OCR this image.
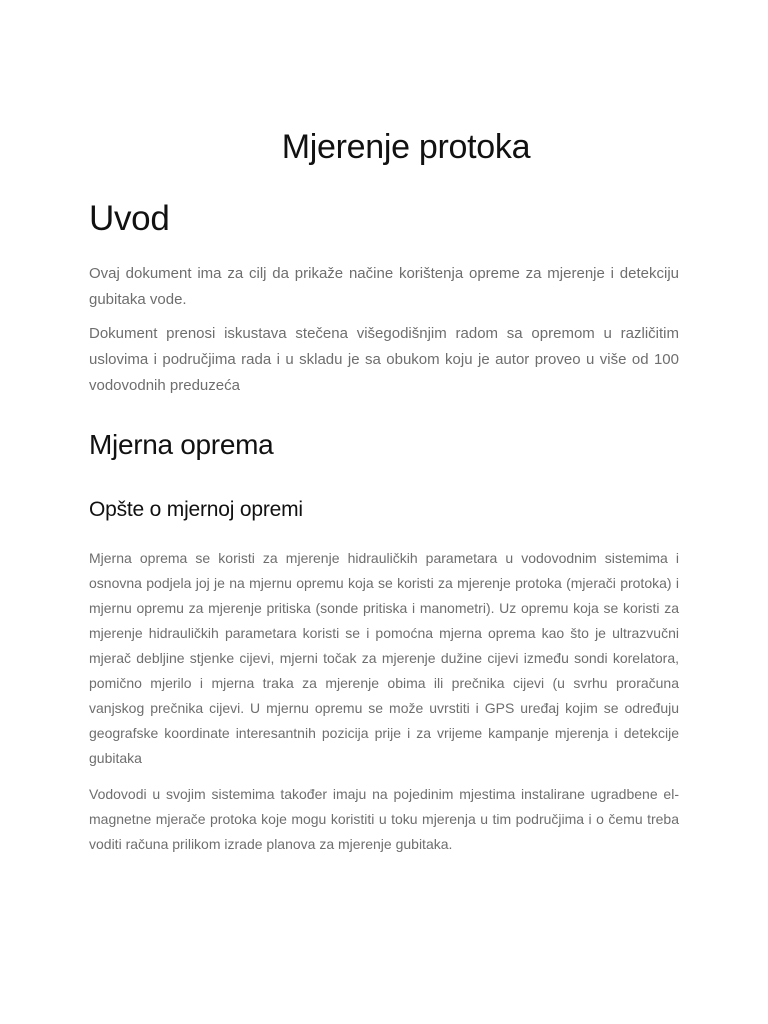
Mjerenje protoka
Uvod

Ovaj dokument ima za cilj da prikaže načine korištenja opreme za mjerenje i detekciju gubitaka vode.

Dokument prenosi iskustava stečena višegodišnjim radom sa opremom u različitim uslovima i područjima rada i u skladu je sa obukom koju je autor proveo u više od 100 vodovodnih preduzeća

Mjerna oprema
Opšte o mjernoj opremi

Mjerna oprema se koristi za mjerenje hidrauličkih parametara u vodovodnim sistemima i osnovna podjela joj je na mjernu opremu koja se koristi za mjerenje protoka (mjerači protoka) i mjernu opremu za mjerenje pritiska (sonde pritiska i manometri). Uz opremu koja se koristi za mjerenje hidrauličkih parametara koristi se i pomoćna mjerna oprema kao što je ultrazvučni mjerač debljine stjenke cijevi, mjerni točak za mjerenje dužine cijevi između sondi korelatora, pomično mjerilo i mjerna traka za mjerenje obima ili prečnika cijevi (u svrhu proračuna vanjskog prečnika cijevi. U mjernu opremu se može uvrstiti i GPS uređaj kojim se određuju geografske koordinate interesantnih pozicija prije i za vrijeme kampanje mjerenja i detekcije gubitaka

Vodovodi u svojim sistemima također imaju na pojedinim mjestima instalirane ugradbene el-magnetne mjerače protoka koje mogu koristiti u toku mjerenja u tim područjima i o čemu treba voditi računa prilikom izrade planova za mjerenje gubitaka.
